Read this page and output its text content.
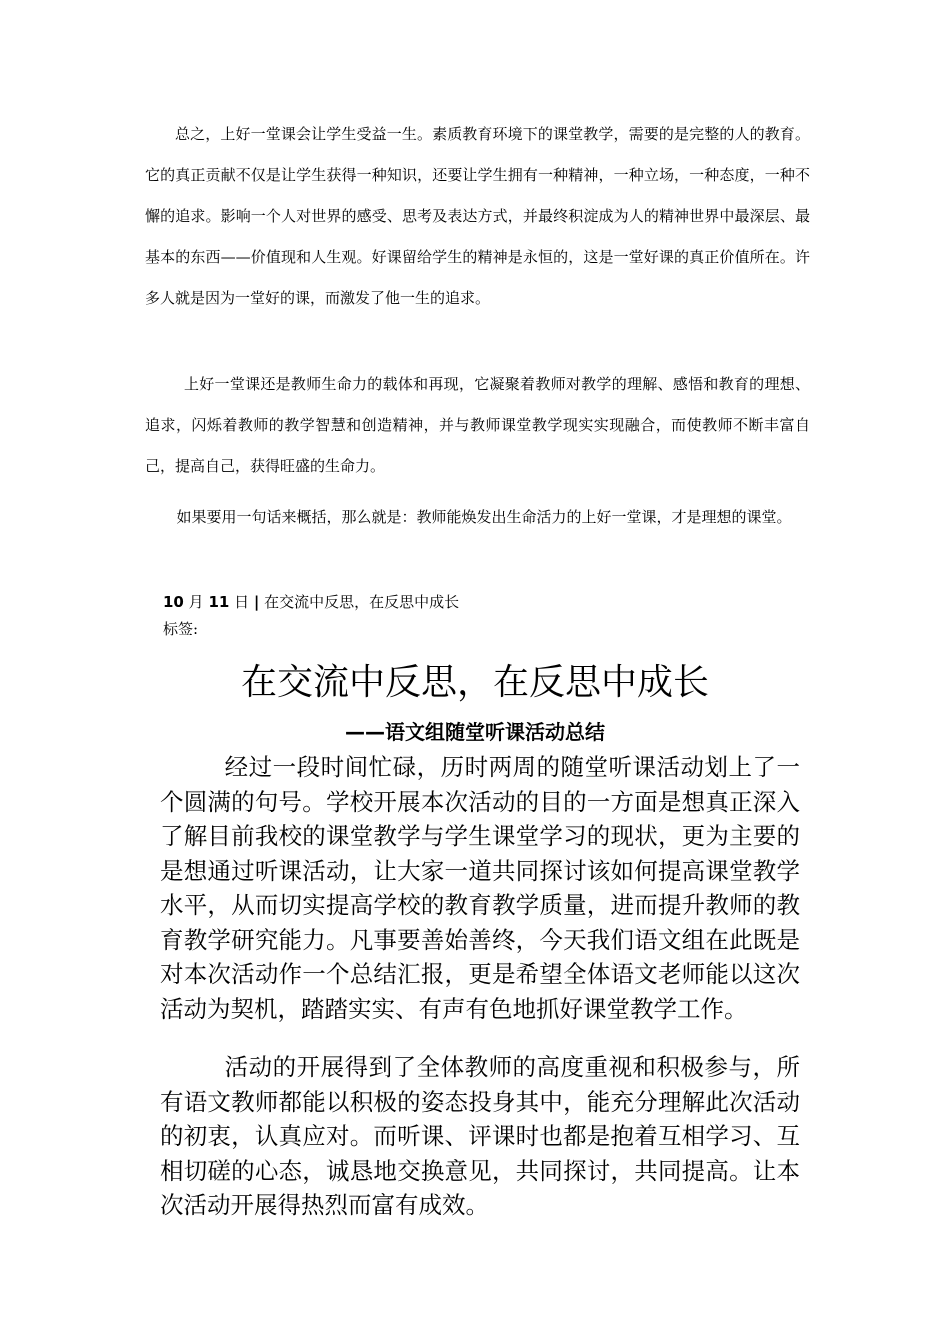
总之，上好一堂课会让学生受益一生。素质教育环境下的课堂教学，需要的是完整的人的教育。它的真正贡献不仅是让学生获得一种知识，还要让学生拥有一种精神，一种立场，一种态度，一种不懈的追求。影响一个人对世界的感受、思考及表达方式，并最终积淀成为人的精神世界中最深层、最基本的东西——价值现和人生观。好课留给学生的精神是永恒的，这是一堂好课的真正价值所在。许多人就是因为一堂好的课，而激发了他一生的追求。

上好一堂课还是教师生命力的载体和再现，它凝聚着教师对教学的理解、感悟和教育的理想、追求，闪烁着教师的教学智慧和创造精神，并与教师课堂教学现实实现融合，而使教师不断丰富自己，提高自己，获得旺盛的生命力。

如果要用一句话来概括，那么就是：教师能焕发出生命活力的上好一堂课，才是理想的课堂。

10 月 11 日 | 在交流中反思，在反思中成长
标签:
在交流中反思，在反思中成长
——语文组随堂听课活动总结

经过一段时间忙碌，历时两周的随堂听课活动划上了一个圆满的句号。学校开展本次活动的目的一方面是想真正深入了解目前我校的课堂教学与学生课堂学习的现状，更为主要的是想通过听课活动，让大家一道共同探讨该如何提高课堂教学水平，从而切实提高学校的教育教学质量，进而提升教师的教育教学研究能力。凡事要善始善终，今天我们语文组在此既是对本次活动作一个总结汇报，更是希望全体语文老师能以这次活动为契机，踏踏实实、有声有色地抓好课堂教学工作。

活动的开展得到了全体教师的高度重视和积极参与，所有语文教师都能以积极的姿态投身其中，能充分理解此次活动的初衷，认真应对。而听课、评课时也都是抱着互相学习、互相切磋的心态，诚恳地交换意见，共同探讨，共同提高。让本次活动开展得热烈而富有成效。
